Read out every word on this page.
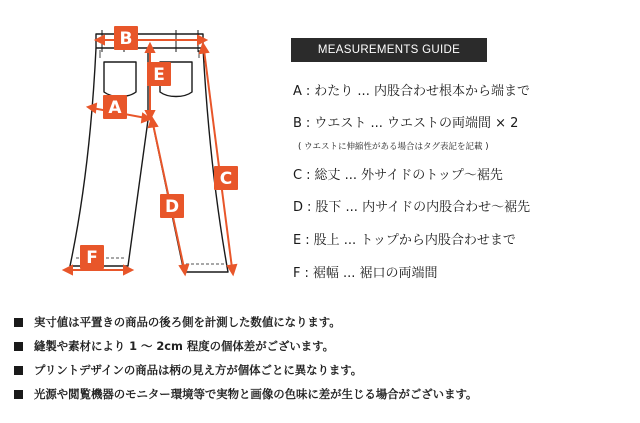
B
E
A
C
D
F
MEASUREMENTS GUIDE
A : わたり ... 内股合わせ根本から端まで
B : ウエスト ... ウエストの両端間 × 2
C : 総丈 ... 外サイドのトップ～裾先
D : 股下 ... 内サイドの内股合わせ～裾先
E : 股上 ... トップから内股合わせまで
F : 裾幅 ... 裾口の両端間
( ウエストに伸縮性がある場合はタグ表記を記載 )
実寸値は平置きの商品の後ろ側を計測した数値になります。
縫製や素材により 1 ～ 2cm 程度の個体差がございます。
プリントデザインの商品は柄の見え方が個体ごとに異なります。
光源や閲覧機器のモニター環境等で実物と画像の色味に差が生じる場合がございます。
